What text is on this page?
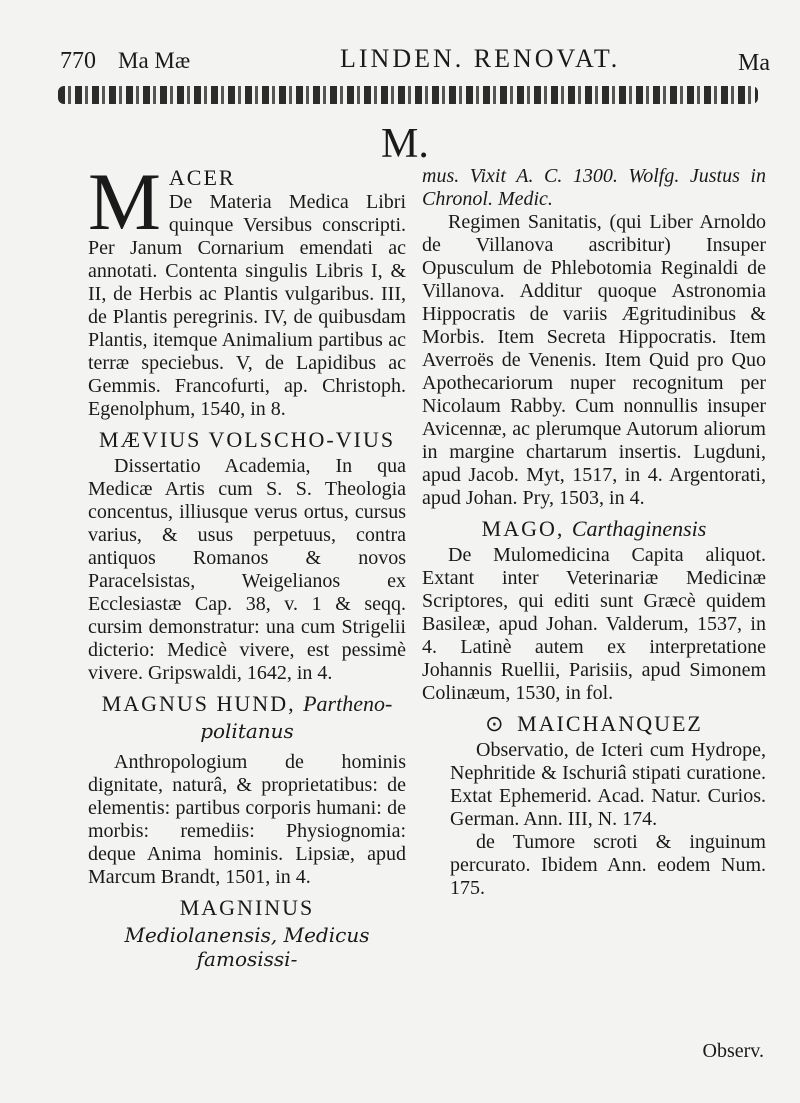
770 Ma Mæ	LINDEN. RENOVAT.	Ma
M.
M ACER
De Materia Medica Libri quinque Versibus conscripti. Per Janum Cornarium emendati ac annotati. Contenta singulis Libris I, & II, de Herbis ac Plantis vulgaribus. III, de Plantis peregrinis. IV, de quibusdam Plantis, itemque Animalium partibus ac terræ speciebus. V, de Lapidibus ac Gemmis. Francofurti, ap. Christoph. Egenolphum, 1540, in 8.
MÆVIUS VOLSCHO-VIUS

Dissertatio Academia, In qua Medicæ Artis cum S. S. Theologia concentus, illiusque verus ortus, cursus varius, & usus perpetuus, contra antiquos Romanos & novos Paracelsistas, Weigelianos ex Ecclesiastæ Cap. 38, v. 1 & seqq. cursim demonstratur: una cum Strigelii dicterio: Medicè vivere, est pessimè vivere. Gripswaldi, 1642, in 4.

MAGNUS HUND, Partheno-
politanus

Anthropologium de hominis dignitate, naturâ, & proprietatibus: de elementis: partibus corporis humani: de morbis: remediis: Physiognomia: deque Anima hominis. Lipsiæ, apud Marcum Brandt, 1501, in 4.

MAGNINUS
Mediolanensis, Medicus famosissi-
mus. Vixit A. C. 1300. Wolfg. Justus in Chronol. Medic.

Regimen Sanitatis, (qui Liber Arnoldo de Villanova ascribitur) Insuper Opusculum de Phlebotomia Reginaldi de Villanova. Additur quoque Astronomia Hippocratis de variis Ægritudinibus & Morbis. Item Secreta Hippocratis. Item Averroës de Venenis. Item Quid pro Quo Apothecariorum nuper recognitum per Nicolaum Rabby. Cum nonnullis insuper Avicennæ, ac plerumque Autorum aliorum in margine chartarum insertis. Lugduni, apud Jacob. Myt, 1517, in 4. Argentorati, apud Johan. Pry, 1503, in 4.

MAGO, Carthaginensis

De Mulomedicina Capita aliquot. Extant inter Veterinariæ Medicinæ Scriptores, qui editi sunt Græcè quidem Basileæ, apud Johan. Valderum, 1537, in 4. Latinè autem ex interpretatione Johannis Ruellii, Parisiis, apud Simonem Colinæum, 1530, in fol.

⊙ MAICHANQUEZ

Observatio, de Icteri cum Hydrope, Nephritide & Ischuriâ stipati curatione. Extat Ephemerid. Acad. Natur. Curios. German. Ann. III, N. 174.

de Tumore scroti & inguinum percurato. Ibidem Ann. eodem Num. 175.

Observ.
